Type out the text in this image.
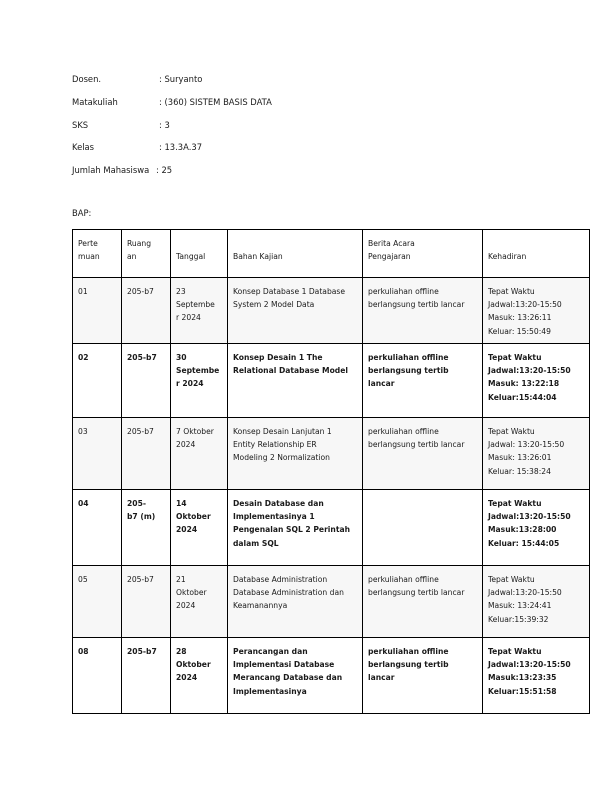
Dosen.	: Suryanto
Matakuliah	: (360) SISTEM BASIS DATA
SKS	: 3
Kelas	: 13.3A.37
Jumlah Mahasiswa : 25
BAP:
Perte
muan	Ruang
an	Tanggal	Bahan Kajian	Berita Acara
Pengajaran	Kehadiran

01	205-b7	23
Septembe
r 2024	Konsep Database 1 Database
System 2 Model Data	perkuliahan offline
berlangsung tertib lancar	Tepat Waktu
Jadwal:13:20-15:50
Masuk: 13:26:11
Keluar: 15:50:49

02	205-b7	30
Septembe
r 2024	Konsep Desain 1 The
Relational Database Model	perkuliahan offline
berlangsung tertib lancar	Tepat Waktu
Jadwal:13:20-15:50
Masuk: 13:22:18
Keluar:15:44:04

03	205-b7	7 Oktober
2024	Konsep Desain Lanjutan 1
Entity Relationship ER
Modeling 2 Normalization	perkuliahan offline
berlangsung tertib lancar	Tepat Waktu
Jadwal: 13:20-15:50
Masuk: 13:26:01
Keluar: 15:38:24

04	205-
b7 (m)	14
Oktober
2024	Desain Database dan
Implementasinya 1
Pengenalan SQL 2 Perintah
dalam SQL		Tepat Waktu
Jadwal:13:20-15:50
Masuk:13:28:00
Keluar: 15:44:05

05	205-b7	21
Oktober
2024	Database Administration
Database Administration dan
Keamanannya	perkuliahan offline
berlangsung tertib lancar	Tepat Waktu
Jadwal:13:20-15:50
Masuk: 13:24:41
Keluar:15:39:32

08	205-b7	28
Oktober
2024	Perancangan dan
Implementasi Database
Merancang Database dan
Implementasinya	perkuliahan offline
berlangsung tertib lancar	Tepat Waktu
Jadwal:13:20-15:50
Masuk:13:23:35
Keluar:15:51:58
